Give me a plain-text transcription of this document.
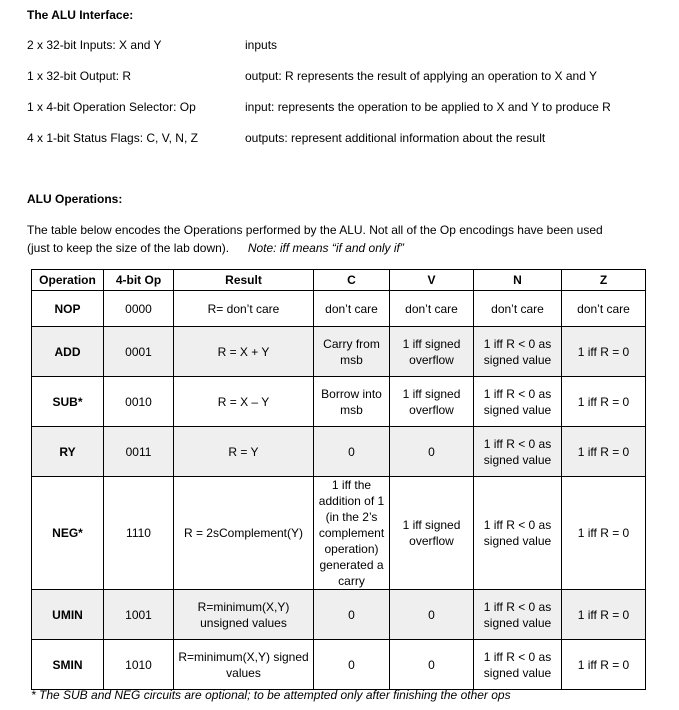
The ALU Interface:
2 x 32-bit Inputs: X and Y	inputs
1 x 32-bit Output: R	output: R represents the result of applying an operation to X and Y
1 x 4-bit Operation Selector: Op	input: represents the operation to be applied to X and Y to produce R
4 x 1-bit Status Flags: C, V, N, Z	outputs: represent additional information about the result
ALU Operations:
The table below encodes the Operations performed by the ALU. Not all of the Op encodings have been used
(just to keep the size of the lab down). Note: iff means “if and only if”
Operation	4-bit Op	Result	C	V	N	Z
NOP	0000	R= don’t care	don’t care	don’t care	don’t care	don’t care
ADD	0001	R = X + Y	Carry from msb	1 iff signed overflow	1 iff R < 0 as signed value	1 iff R = 0
SUB*	0010	R = X – Y	Borrow into msb	1 iff signed overflow	1 iff R < 0 as signed value	1 iff R = 0
RY	0011	R = Y	0	0	1 iff R < 0 as signed value	1 iff R = 0
NEG*	1110	R = 2sComplement(Y)	1 iff the addition of 1 (in the 2’s complement operation) generated a carry	1 iff signed overflow	1 iff R < 0 as signed value	1 iff R = 0
UMIN	1001	R=minimum(X,Y) unsigned values	0	0	1 iff R < 0 as signed value	1 iff R = 0
SMIN	1010	R=minimum(X,Y) signed values	0	0	1 iff R < 0 as signed value	1 iff R = 0
* The SUB and NEG circuits are optional; to be attempted only after finishing the other ops
